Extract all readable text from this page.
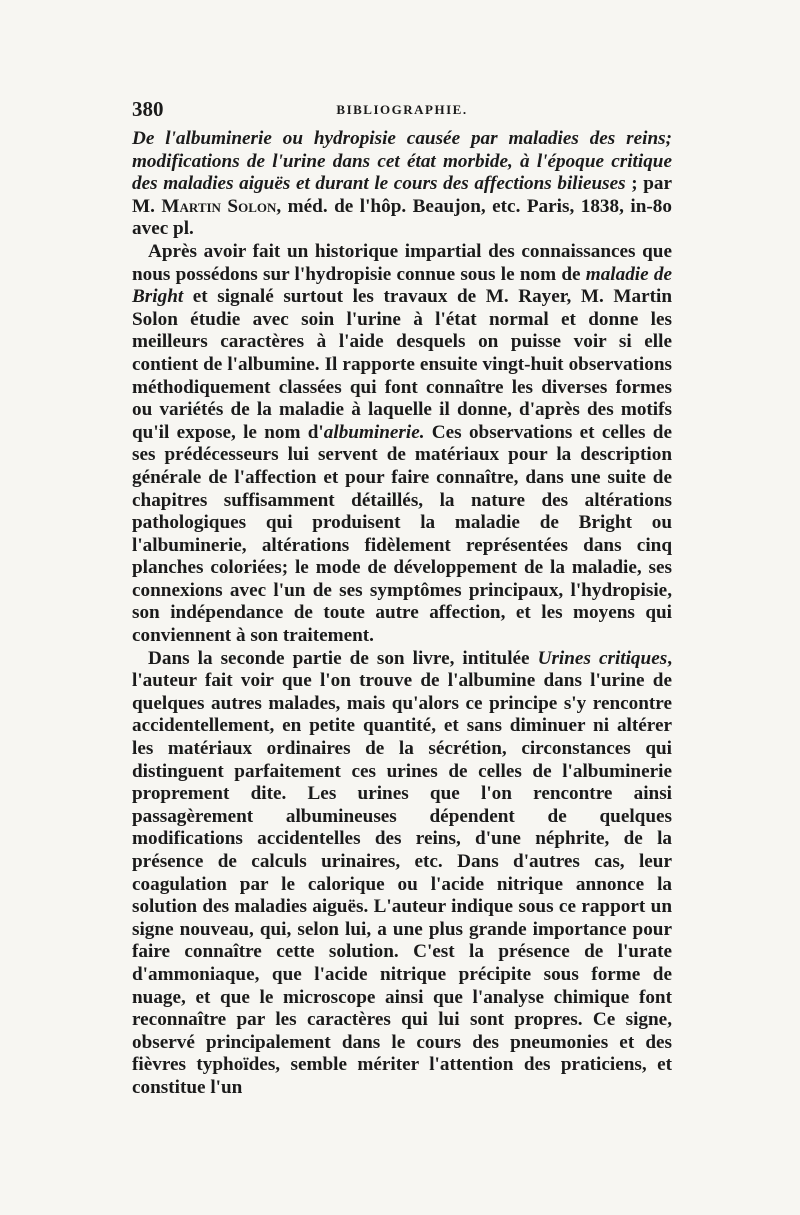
380	BIBLIOGRAPHIE.

De l'albuminerie ou hydropisie causée par maladies des reins; modifications de l'urine dans cet état morbide, à l'époque critique des maladies aiguës et durant le cours des affections bilieuses ; par M. Martin Solon, méd. de l'hôp. Beaujon, etc. Paris, 1838, in-8o avec pl.

Après avoir fait un historique impartial des connaissances que nous possédons sur l'hydropisie connue sous le nom de maladie de Bright et signalé surtout les travaux de M. Rayer, M. Martin Solon étudie avec soin l'urine à l'état normal et donne les meilleurs caractères à l'aide desquels on puisse voir si elle contient de l'albumine. Il rapporte ensuite vingt-huit observations méthodiquement classées qui font connaître les diverses formes ou variétés de la maladie à laquelle il donne, d'après des motifs qu'il expose, le nom d'albuminerie. Ces observations et celles de ses prédécesseurs lui servent de matériaux pour la description générale de l'affection et pour faire connaître, dans une suite de chapitres suffisamment détaillés, la nature des altérations pathologiques qui produisent la maladie de Bright ou l'albuminerie, altérations fidèlement représentées dans cinq planches coloriées; le mode de développement de la maladie, ses connexions avec l'un de ses symptômes principaux, l'hydropisie, son indépendance de toute autre affection, et les moyens qui conviennent à son traitement.

Dans la seconde partie de son livre, intitulée Urines critiques, l'auteur fait voir que l'on trouve de l'albumine dans l'urine de quelques autres malades, mais qu'alors ce principe s'y rencontre accidentellement, en petite quantité, et sans diminuer ni altérer les matériaux ordinaires de la sécrétion, circonstances qui distinguent parfaitement ces urines de celles de l'albuminerie proprement dite. Les urines que l'on rencontre ainsi passagèrement albumineuses dépendent de quelques modifications accidentelles des reins, d'une néphrite, de la présence de calculs urinaires, etc. Dans d'autres cas, leur coagulation par le calorique ou l'acide nitrique annonce la solution des maladies aiguës. L'auteur indique sous ce rapport un signe nouveau, qui, selon lui, a une plus grande importance pour faire connaître cette solution. C'est la présence de l'urate d'ammoniaque, que l'acide nitrique précipite sous forme de nuage, et que le microscope ainsi que l'analyse chimique font reconnaître par les caractères qui lui sont propres. Ce signe, observé principalement dans le cours des pneumonies et des fièvres typhoïdes, semble mériter l'attention des praticiens, et constitue l'un
